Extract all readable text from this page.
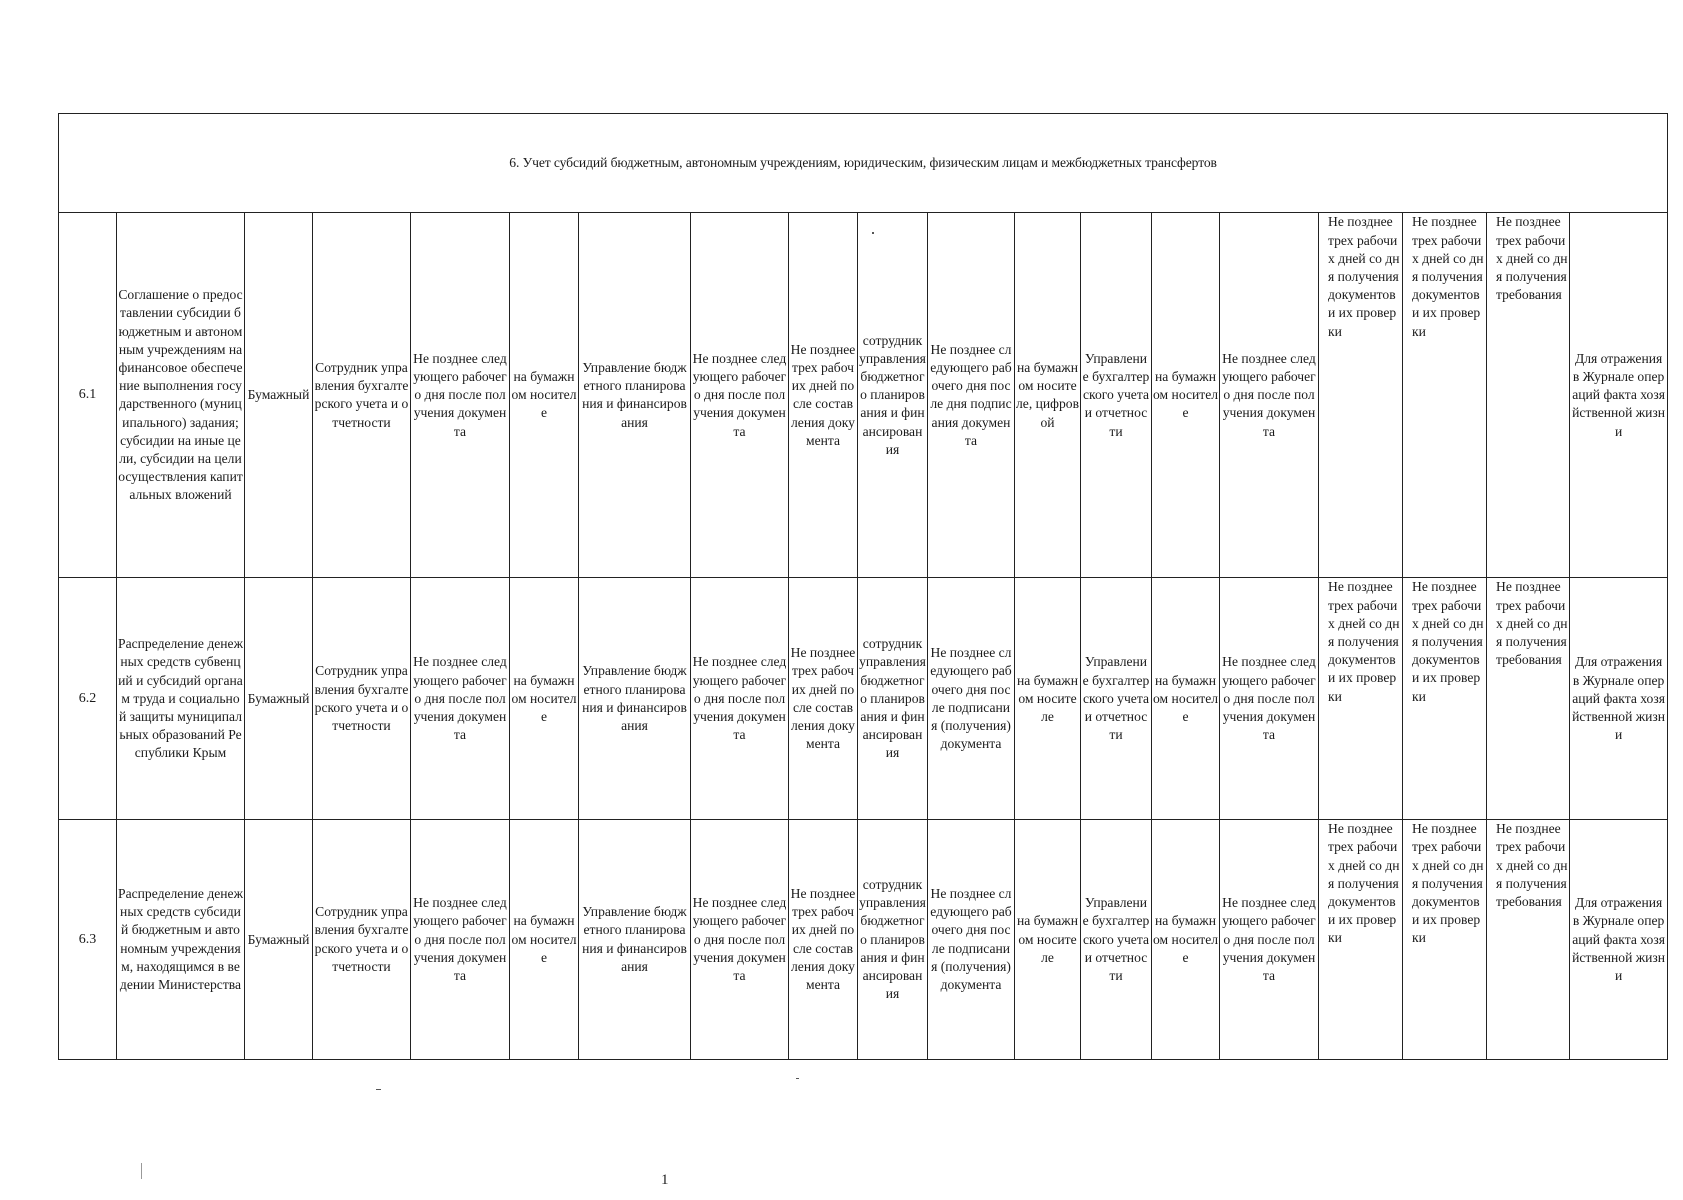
6. Учет субсидий бюджетным, автономным учреждениям, юридическим, физическим лицам и межбюджетных трансфертов																		
6.1	Соглашение о предоставлении субсидии бюджетным и автономным учреждениям на финансовое обеспечение выполнения государственного (муниципального) задания; субсидии на иные цели, субсидии на цели осуществления капитальных вложений	Бумажный	Сотрудник управления бухгалтерского учета и отчетности	Не позднее следующего рабочего дня после получения документа	на бумажном носителе	Управление бюджетного планирования и финансирования	Не позднее следующего рабочего дня после получения документа	Не позднее трех рабочих дней после составления документа	сотрудник управления бюджетного планирования и финансирования	Не позднее следующего рабочего дня после дня подписания документа	на бумажном носителе, цифровой	Управление бухгалтерского учета и отчетности	на бумажном носителе	Не позднее следующего рабочего дня после получения документа	Не позднее трех рабочих дней со дня получения документов и их проверки	Не позднее трех рабочих дней со дня получения документов и их проверки	Не позднее трех рабочих дней со дня получения требования	Для отражения в Журнале операций факта хозяйственной жизни
6.2	Распределение денежных средств субвенций и субсидий органам труда и социальной защиты муниципальных образований Республики Крым	Бумажный	Сотрудник управления бухгалтерского учета и отчетности	Не позднее следующего рабочего дня после получения документа	на бумажном носителе	Управление бюджетного планирования и финансирования	Не позднее следующего рабочего дня после получения документа	Не позднее трех рабочих дней после составления документа	сотрудник управления бюджетного планирования и финансирования	Не позднее следующего рабочего дня после подписания (получения) документа	на бумажном носителе	Управление бухгалтерского учета и отчетности	на бумажном носителе	Не позднее следующего рабочего дня после получения документа	Не позднее трех рабочих дней со дня получения документов и их проверки	Не позднее трех рабочих дней со дня получения документов и их проверки	Не позднее трех рабочих дней со дня получения требования	Для отражения в Журнале операций факта хозяйственной жизни
6.3	Распределение денежных средств субсидий бюджетным и автономным учреждениям, находящимся в ведении Министерства	Бумажный	Сотрудник управления бухгалтерского учета и отчетности	Не позднее следующего рабочего дня после получения документа	на бумажном носителе	Управление бюджетного планирования и финансирования	Не позднее следующего рабочего дня после получения документа	Не позднее трех рабочих дней после составления документа	сотрудник управления бюджетного планирования и финансирования	Не позднее следующего рабочего дня после подписания (получения) документа	на бумажном носителе	Управление бухгалтерского учета и отчетности	на бумажном носителе	Не позднее следующего рабочего дня после получения документа	Не позднее трех рабочих дней со дня получения документов и их проверки	Не позднее трех рабочих дней со дня получения документов и их проверки	Не позднее трех рабочих дней со дня получения требования	Для отражения в Журнале операций факта хозяйственной жизни
1
